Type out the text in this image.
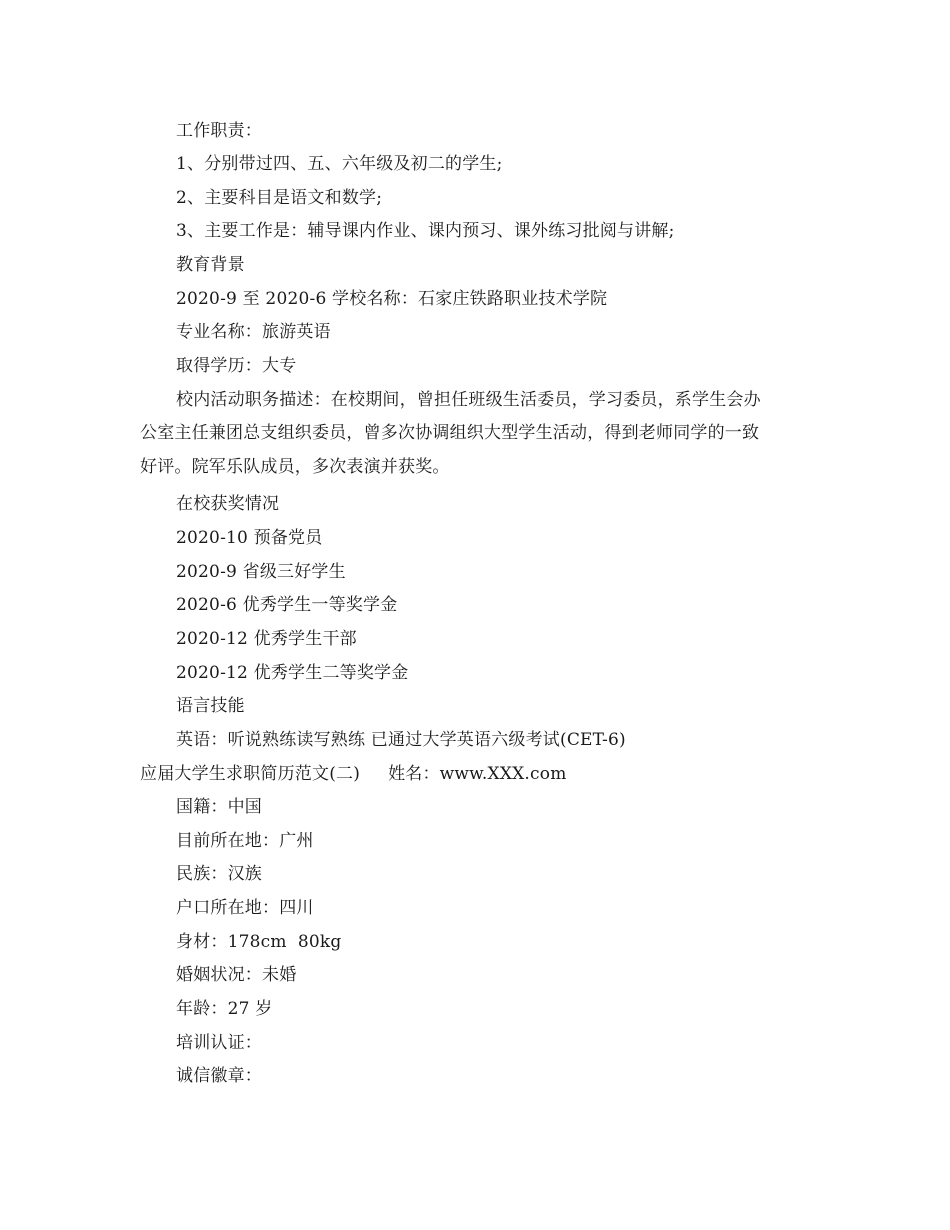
工作职责：
1、分别带过四、五、六年级及初二的学生;
2、主要科目是语文和数学;
3、主要工作是：辅导课内作业、课内预习、课外练习批阅与讲解;
教育背景
2020-9 至 2020-6 学校名称：石家庄铁路职业技术学院
专业名称：旅游英语
取得学历：大专
校内活动职务描述：在校期间，曾担任班级生活委员，学习委员，系学生会办
公室主任兼团总支组织委员，曾多次协调组织大型学生活动，得到老师同学的一致
好评。院军乐队成员，多次表演并获奖。
在校获奖情况
2020-10 预备党员
2020-9 省级三好学生
2020-6 优秀学生一等奖学金
2020-12 优秀学生干部
2020-12 优秀学生二等奖学金
语言技能
英语：听说熟练读写熟练 已通过大学英语六级考试(CET-6)
应届大学生求职简历范文(二)     姓名：www.XXX.com
国籍：中国
目前所在地：广州
民族：汉族
户口所在地：四川
身材：178cm  80kg
婚姻状况：未婚
年龄：27 岁
培训认证：
诚信徽章：
